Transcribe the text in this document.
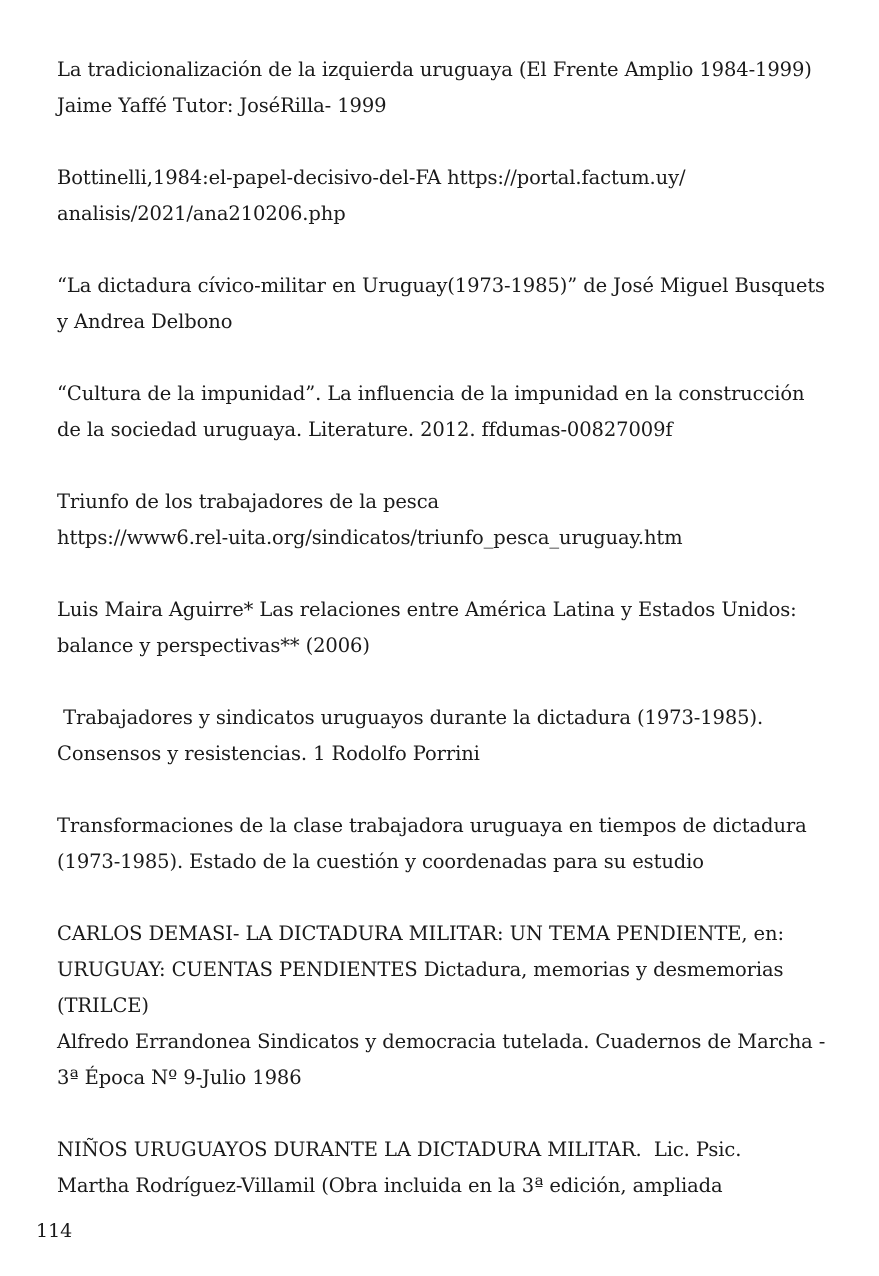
La tradicionalización de la izquierda uruguaya (El Frente Amplio 1984-1999)
Jaime Yaffé Tutor: JoséRilla- 1999
Bottinelli,1984:el-papel-decisivo-del-FA https://portal.factum.uy/
analisis/2021/ana210206.php
“La dictadura cívico-militar en Uruguay(1973-1985)” de José Miguel Busquets
y Andrea Delbono
“Cultura de la impunidad”. La influencia de la impunidad en la construcción
de la sociedad uruguaya. Literature. 2012. ffdumas-00827009f
Triunfo de los trabajadores de la pesca
https://www6.rel-uita.org/sindicatos/triunfo_pesca_uruguay.htm
Luis Maira Aguirre* Las relaciones entre América Latina y Estados Unidos:
balance y perspectivas** (2006)
Trabajadores y sindicatos uruguayos durante la dictadura (1973-1985).
Consensos y resistencias. 1 Rodolfo Porrini
Transformaciones de la clase trabajadora uruguaya en tiempos de dictadura
(1973-1985). Estado de la cuestión y coordenadas para su estudio
CARLOS DEMASI- LA DICTADURA MILITAR: UN TEMA PENDIENTE, en:
URUGUAY: CUENTAS PENDIENTES Dictadura, memorias y desmemorias
(TRILCE)
Alfredo Errandonea Sindicatos y democracia tutelada. Cuadernos de Marcha -
3ª Época Nº 9-Julio 1986
NIÑOS URUGUAYOS DURANTE LA DICTADURA MILITAR.  Lic. Psic.
Martha Rodríguez-Villamil (Obra incluida en la 3ª edición, ampliada
114
